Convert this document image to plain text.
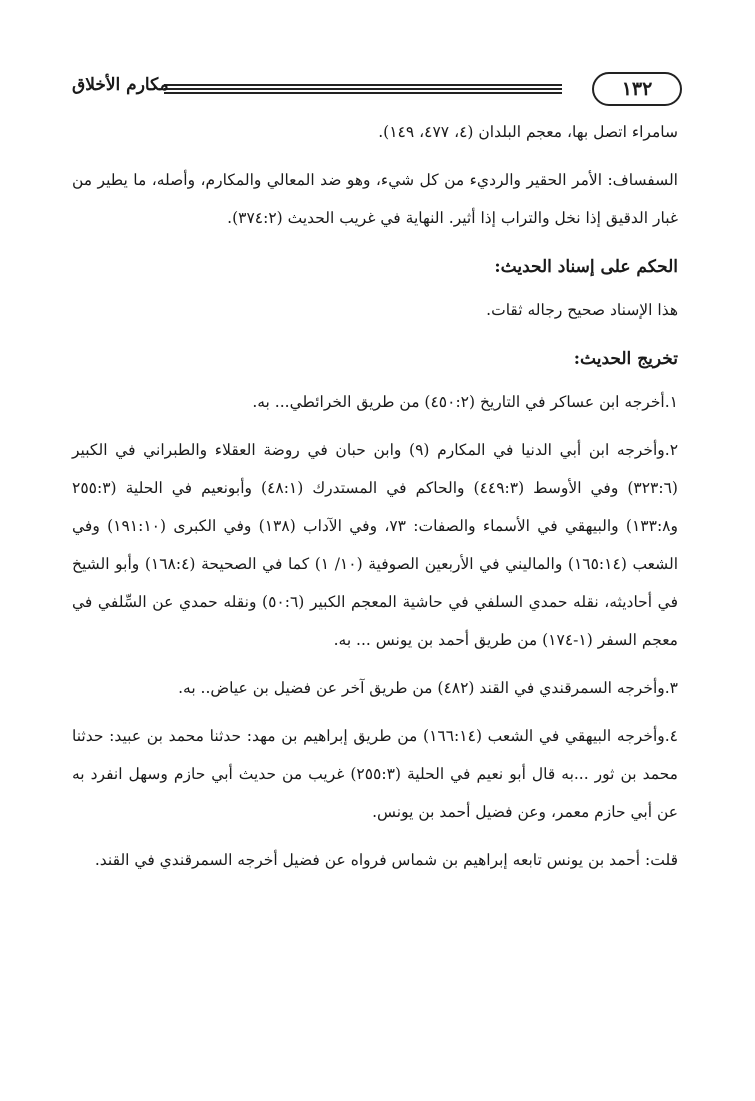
١٣٢
مكارم الأخلاق

سامراء اتصل بها، معجم البلدان (٤، ٤٧٧، ١٤٩).

السفساف: الأمر الحقير والرديء من كل شيء، وهو ضد المعالي والمكارم، وأصله، ما يطير من غبار الدقيق إذا نخل والتراب إذا أثير. النهاية في غريب الحديث (٣٧٤:٢).

الحكم على إسناد الحديث:

هذا الإسناد صحيح رجاله ثقات.

تخريج الحديث:

١.أخرجه ابن عساكر في التاريخ (٤٥٠:٢) من طريق الخرائطي... به.

٢.وأخرجه ابن أبي الدنيا في المكارم (٩) وابن حبان في روضة العقلاء والطبراني في الكبير (٣٢٣:٦) وفي الأوسط (٤٤٩:٣) والحاكم في المستدرك (٤٨:١) وأبونعيم في الحلية (٢٥٥:٣ و١٣٣:٨) والبيهقي في الأسماء والصفات: ٧٣، وفي الآداب (١٣٨) وفي الكبرى (١٩١:١٠) وفي الشعب (١٦٥:١٤) والماليني في الأربعين الصوفية (١٠/ ١) كما في الصحيحة (١٦٨:٤) وأبو الشيخ في أحاديثه، نقله حمدي السلفي في حاشية المعجم الكبير (٥٠:٦) ونقله حمدي عن السِّلفي في معجم السفر (١-١٧٤) من طريق أحمد بن يونس ... به.

٣.وأخرجه السمرقندي في القند (٤٨٢) من طريق آخر عن فضيل بن عياض.. به.

٤.وأخرجه البيهقي في الشعب (١٦٦:١٤) من طريق إبراهيم بن مهد: حدثنا محمد بن عبيد: حدثنا محمد بن ثور ...به قال أبو نعيم في الحلية (٢٥٥:٣) غريب من حديث أبي حازم وسهل انفرد به عن أبي حازم معمر، وعن فضيل أحمد بن يونس.

قلت: أحمد بن يونس تابعه إبراهيم بن شماس فرواه عن فضيل أخرجه السمرقندي في القند.
